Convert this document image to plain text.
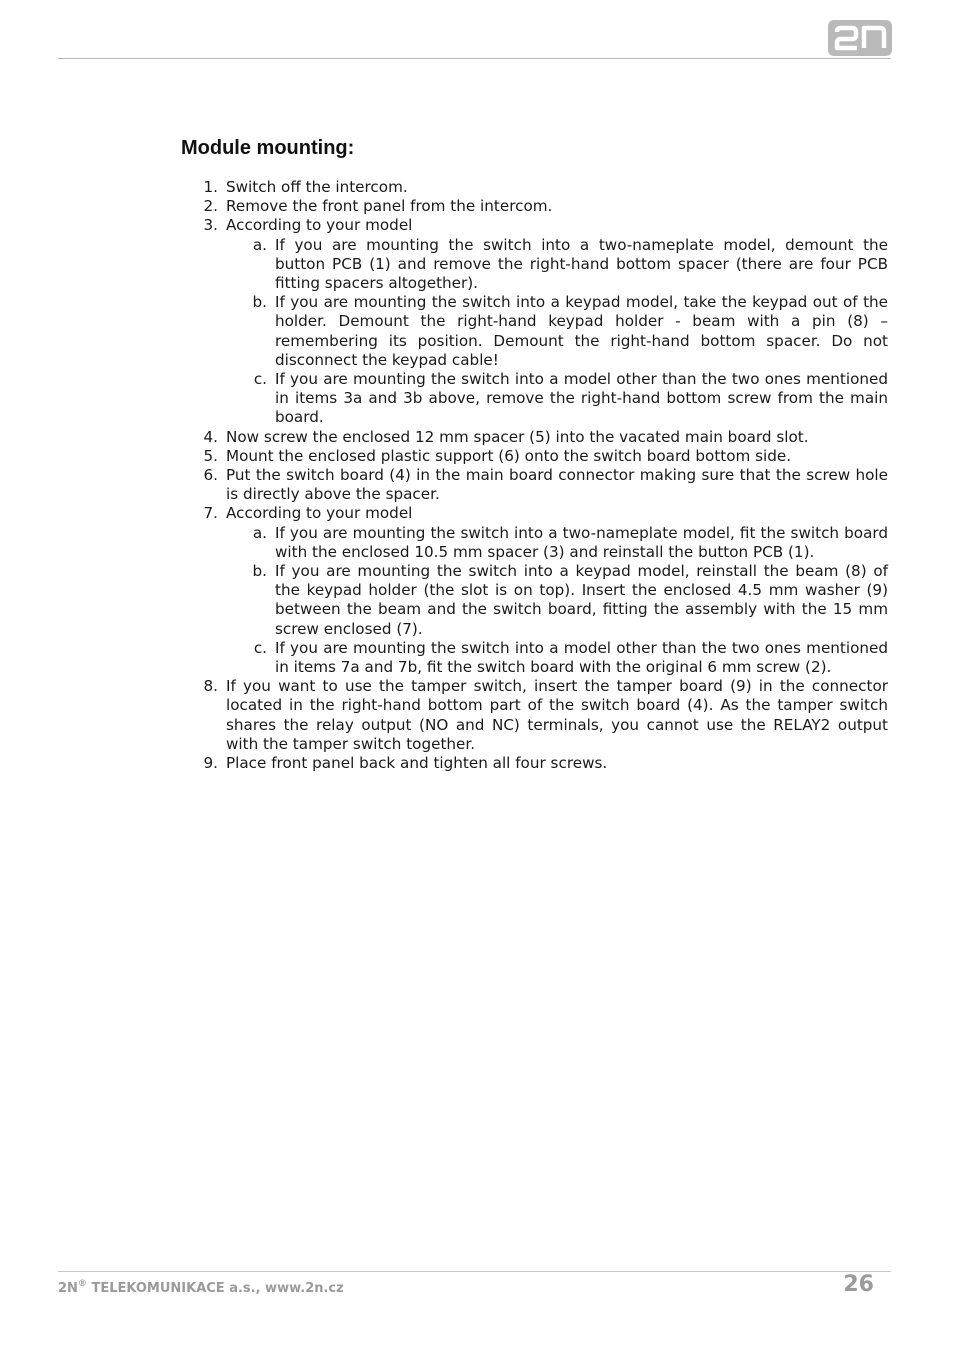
Module mounting:
1. Switch off the intercom.
2. Remove the front panel from the intercom.
3. According to your model
a. If you are mounting the switch into a two-nameplate model, demount the button PCB (1) and remove the right-hand bottom spacer (there are four PCB fitting spacers altogether).
b. If you are mounting the switch into a keypad model, take the keypad out of the holder. Demount the right-hand keypad holder - beam with a pin (8) – remembering its position. Demount the right-hand bottom spacer. Do not disconnect the keypad cable!
c. If you are mounting the switch into a model other than the two ones mentioned in items 3a and 3b above, remove the right-hand bottom screw from the main board.
4. Now screw the enclosed 12 mm spacer (5) into the vacated main board slot.
5. Mount the enclosed plastic support (6) onto the switch board bottom side.
6. Put the switch board (4) in the main board connector making sure that the screw hole is directly above the spacer.
7. According to your model
a. If you are mounting the switch into a two-nameplate model, fit the switch board with the enclosed 10.5 mm spacer (3) and reinstall the button PCB (1).
b. If you are mounting the switch into a keypad model, reinstall the beam (8) of the keypad holder (the slot is on top). Insert the enclosed 4.5 mm washer (9) between the beam and the switch board, fitting the assembly with the 15 mm screw enclosed (7).
c. If you are mounting the switch into a model other than the two ones mentioned in items 7a and 7b, fit the switch board with the original 6 mm screw (2).
8. If you want to use the tamper switch, insert the tamper board (9) in the connector located in the right-hand bottom part of the switch board (4). As the tamper switch shares the relay output (NO and NC) terminals, you cannot use the RELAY2 output with the tamper switch together.
9. Place front panel back and tighten all four screws.
2N® TELEKOMUNIKACE a.s., www.2n.cz	26
